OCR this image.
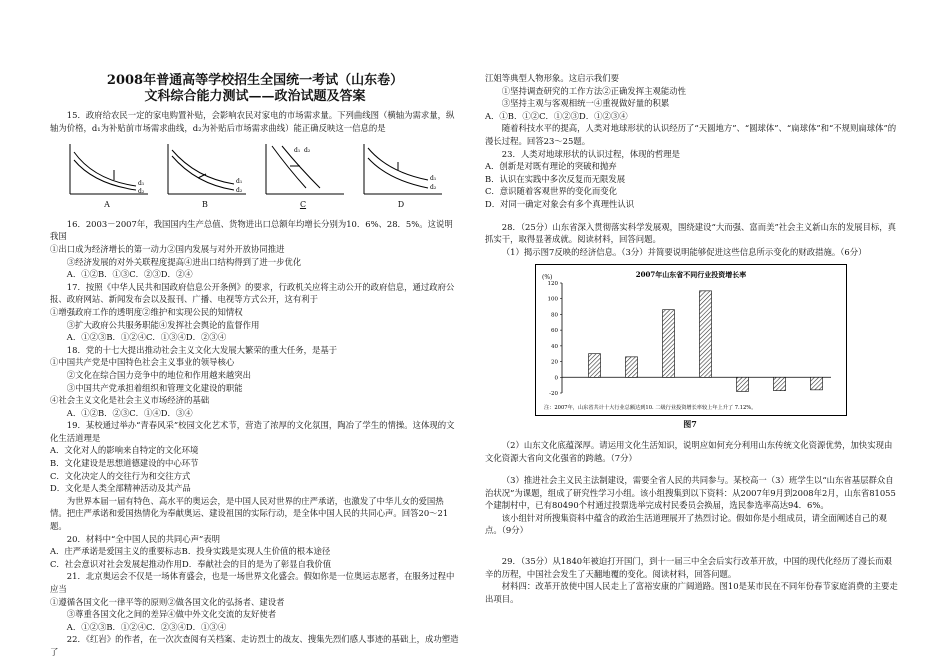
2008年普通高等学校招生全国统一考试（山东卷）
文科综合能力测试——政治试题及答案

15．政府给农民一定的家电购置补贴，会影响农民对家电的市场需求量。下列曲线图（横轴为需求量，纵轴为价格，d₁为补贴前市场需求曲线，d₂为补贴后市场需求曲线）能正确反映这一信息的是

d₁
d₂
A
d₁
d₂
B
d₂
d₁
C
d₁
d₂
D

16．2003－2007年，我国国内生产总值、货物进出口总额年均增长分别为10．6%、28．5%。这说明我国

①出口成为经济增长的第一动力②国内发展与对外开放协同推进

③经济发展的对外关联程度提高④进出口结构得到了进一步优化

A．①②B．①③C．②③D．②④

17．按照《中华人民共和国政府信息公开条例》的要求，行政机关应将主动公开的政府信息，通过政府公报、政府网站、新闻发布会以及报刊、广播、电视等方式公开，这有利于

①增强政府工作的透明度②维护和实现公民的知情权

③扩大政府公共服务职能④发挥社会舆论的监督作用

A．①②③B．①②④C．①③④D．②③④

18．党的十七大提出推动社会主义文化大发展大繁荣的重大任务，是基于

①中国共产党是中国特色社会主义事业的领导核心

②文化在综合国力竞争中的地位和作用越来越突出

③中国共产党承担着组织和管理文化建设的职能

④社会主义文化是社会主义市场经济的基础

A．①②B．②③C．①④D．③④

19．某校通过举办“青春风采”校园文化艺术节，营造了浓厚的文化氛围，陶冶了学生的情操。这体现的文化生活道理是

A．文化对人的影响来自特定的文化环境

B．文化建设是思想道德建设的中心环节

C．文化决定人的交往行为和交往方式

D．文化是人类全部精神活动及其产品

为世界本届一届有特色、高水平的奥运会，是中国人民对世界的庄严承诺，也激发了中华儿女的爱国热情。把庄严承诺和爱国热情化为奉献奥运、建设祖国的实际行动，是全体中国人民的共同心声。回答20～21题。

20．材料中“全中国人民的共同心声”表明

A．庄严承诺是爱国主义的重要标志B．投身实践是实现人生价值的根本途径

C．社会意识对社会发展起推动作用D．奉献社会的目的是为了彰显自我价值

21．北京奥运会不仅是一场体育盛会，也是一场世界文化盛会。假如你是一位奥运志愿者，在服务过程中应当

①遵循各国文化一律平等的原则②做各国文化的弘扬者、建设者

③尊重各国文化之间的差异④做中外文化交流的友好使者

A．①②③B．①②④C．②③④D．①③④

22．《红岩》的作者，在一次次查阅有关档案、走访烈士的战友、搜集先烈们感人事迹的基础上，成功塑造了

江姐等典型人物形象。这启示我们要

①坚持调查研究的工作方法②正确发挥主观能动性

③坚持主观与客观相统一④重视做好量的积累

A．①B．①②C．①②③D．①②③④

随着科技水平的提高，人类对地球形状的认识经历了“天圆地方”、“圆球体”、“扁球体”和“不规则扁球体”的漫长过程。回答23～25题。

23．人类对地球形状的认识过程，体现的哲理是

A．创新是对既有理论的突破和抛弃

B．认识在实践中多次反复而无限发展

C．意识随着客观世界的变化而变化

D．对同一确定对象会有多个真理性认识

28．（25分）山东省深入贯彻落实科学发展观，围绕建设“大而强、富而美”社会主义新山东的发展目标，真抓实干，取得显著成就。阅读材料，回答问题。

（1）揭示图7反映的经济信息。（3分）并简要说明能够促进这些信息所示变化的财政措施。（6分）

2007年山东省不同行业投资增长率
(%)
120
100
80
60
40
20
0
-20
注：2007年，山东省共计十大行业总额达到10. 二级行业投资增长率较上年上升了 7.12%。
图7

（2）山东文化底蕴深厚。请运用文化生活知识，说明应如何充分利用山东传统文化资源优势，加快实现由文化资源大省向文化强省的跨越。（7分）

（3）推进社会主义民主法制建设，需要全省人民的共同参与。某校高一（3）班学生以“山东省基层群众自治状况”为课题，组成了研究性学习小组。该小组搜集到以下资料：从2007年9月到2008年2月，山东省81055个建制村中，已有80490个村通过投票选举完成村民委员会换届，选民参选率高达94．6%。

该小组针对所搜集资料中蕴含的政治生活道理展开了热烈讨论。假如你是小组成员，请全面阐述自己的观点。（9分）

29．（35分）从1840年被迫打开国门，到十一届三中全会后实行改革开放，中国的现代化经历了漫长而艰辛的历程，中国社会发生了天翻地覆的变化。阅读材料，回答问题。

材料四：改革开放使中国人民走上了富裕安康的广阔道路。图10是某市民在不同年份春节家庭消费的主要走出项目。
